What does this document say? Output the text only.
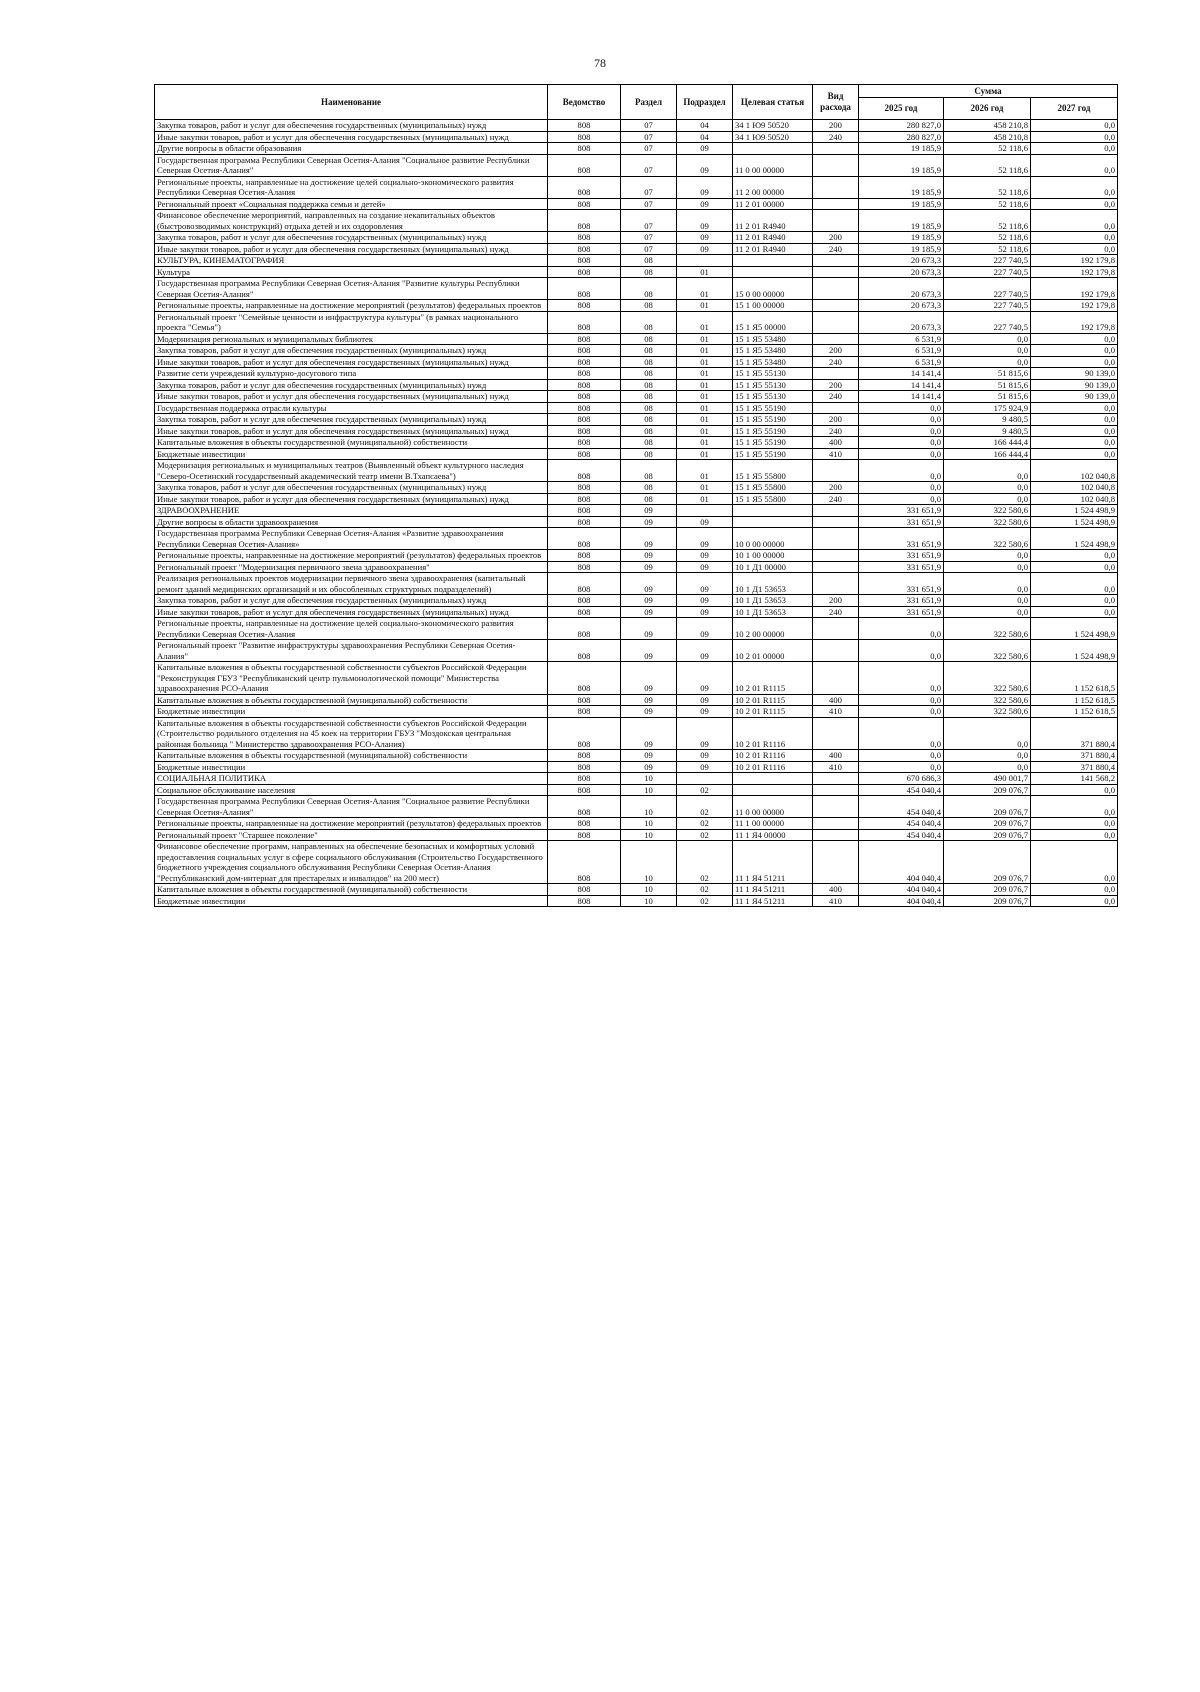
78
Наименование	Ведомство	Раздел	Подраздел	Целевая статья	Вид расхода	Сумма		
						2025 год	2026 год	2027 год
Закупка товаров, работ и услуг для обеспечения государственных (муниципальных) нужд	808	07	04	34 1 Ю9 50520	200	280 827,0	458 210,8	0,0
Иные закупки товаров, работ и услуг для обеспечения государственных (муниципальных) нужд	808	07	04	34 1 Ю9 50520	240	280 827,0	458 210,8	0,0
Другие вопросы в области образования	808	07	09			19 185,9	52 118,6	0,0
Государственная программа Республики Северная Осетия-Алания "Социальное развитие Республики Северная Осетия-Алания"	808	07	09	11 0 00 00000		19 185,9	52 118,6	0,0
Региональные проекты, направленные на достижение целей социально-экономического развития Республики Северная Осетия-Алания	808	07	09	11 2 00 00000		19 185,9	52 118,6	0,0
Региональный проект «Социальная поддержка семьи и детей»	808	07	09	11 2 01 00000		19 185,9	52 118,6	0,0
Финансовое обеспечение мероприятий, направленных на создание некапитальных объектов (быстровозводимых конструкций) отдыха детей и их оздоровления	808	07	09	11 2 01 R4940		19 185,9	52 118,6	0,0
Закупка товаров, работ и услуг для обеспечения государственных (муниципальных) нужд	808	07	09	11 2 01 R4940	200	19 185,9	52 118,6	0,0
Иные закупки товаров, работ и услуг для обеспечения государственных (муниципальных) нужд	808	07	09	11 2 01 R4940	240	19 185,9	52 118,6	0,0
КУЛЬТУРА, КИНЕМАТОГРАФИЯ	808	08				20 673,3	227 740,5	192 179,8
Культура	808	08	01			20 673,3	227 740,5	192 179,8
Государственная программа Республики Северная Осетия-Алания "Развитие культуры Республики Северная Осетия-Алания"	808	08	01	15 0 00 00000		20 673,3	227 740,5	192 179,8
Региональные проекты, направленные на достижение мероприятий (результатов) федеральных проектов	808	08	01	15 1 00 00000		20 673,3	227 740,5	192 179,8
Региональный проект "Семейные ценности и инфраструктура культуры" (в рамках национального проекта "Семья")	808	08	01	15 1 Я5 00000		20 673,3	227 740,5	192 179,8
Модернизация региональных и муниципальных библиотек	808	08	01	15 1 Я5 53480		6 531,9	0,0	0,0
Закупка товаров, работ и услуг для обеспечения государственных (муниципальных) нужд	808	08	01	15 1 Я5 53480	200	6 531,9	0,0	0,0
Иные закупки товаров, работ и услуг для обеспечения государственных (муниципальных) нужд	808	08	01	15 1 Я5 53480	240	6 531,9	0,0	0,0
Развитие сети учреждений культурно-досугового типа	808	08	01	15 1 Я5 55130		14 141,4	51 815,6	90 139,0
Закупка товаров, работ и услуг для обеспечения государственных (муниципальных) нужд	808	08	01	15 1 Я5 55130	200	14 141,4	51 815,6	90 139,0
Иные закупки товаров, работ и услуг для обеспечения государственных (муниципальных) нужд	808	08	01	15 1 Я5 55130	240	14 141,4	51 815,6	90 139,0
Государственная поддержка отрасли культуры	808	08	01	15 1 Я5 55190		0,0	175 924,9	0,0
Закупка товаров, работ и услуг для обеспечения государственных (муниципальных) нужд	808	08	01	15 1 Я5 55190	200	0,0	9 480,5	0,0
Иные закупки товаров, работ и услуг для обеспечения государственных (муниципальных) нужд	808	08	01	15 1 Я5 55190	240	0,0	9 480,5	0,0
Капитальные вложения в объекты государственной (муниципальной) собственности	808	08	01	15 1 Я5 55190	400	0,0	166 444,4	0,0
Бюджетные инвестиции	808	08	01	15 1 Я5 55190	410	0,0	166 444,4	0,0
Модернизация региональных и муниципальных театров (Выявленный объект культурного наследия "Северо-Осетинский государственный академический театр имени В.Тхапсаева")	808	08	01	15 1 Я5 55800		0,0	0,0	102 040,8
Закупка товаров, работ и услуг для обеспечения государственных (муниципальных) нужд	808	08	01	15 1 Я5 55800	200	0,0	0,0	102 040,8
Иные закупки товаров, работ и услуг для обеспечения государственных (муниципальных) нужд	808	08	01	15 1 Я5 55800	240	0,0	0,0	102 040,8
ЗДРАВООХРАНЕНИЕ	808	09				331 651,9	322 580,6	1 524 498,9
Другие вопросы в области здравоохранения	808	09	09			331 651,9	322 580,6	1 524 498,9
Государственная программа Республики Северная Осетия-Алания «Развитие здравоохранения Республики Северная Осетия-Алания»	808	09	09	10 0 00 00000		331 651,9	322 580,6	1 524 498,9
Региональные проекты, направленные на достижение мероприятий (результатов) федеральных проектов	808	09	09	10 1 00 00000		331 651,9	0,0	0,0
Региональный проект "Модернизация первичного звена здравоохранения"	808	09	09	10 1 Д1 00000		331 651,9	0,0	0,0
Реализация региональных проектов модернизации первичного звена здравоохранения (капитальный ремонт зданий медицинских организаций и их обособленных структурных подразделений)	808	09	09	10 1 Д1 53653		331 651,9	0,0	0,0
Закупка товаров, работ и услуг для обеспечения государственных (муниципальных) нужд	808	09	09	10 1 Д1 53653	200	331 651,9	0,0	0,0
Иные закупки товаров, работ и услуг для обеспечения государственных (муниципальных) нужд	808	09	09	10 1 Д1 53653	240	331 651,9	0,0	0,0
Региональные проекты, направленные на достижение целей социально-экономического развития Республики Северная Осетия-Алания	808	09	09	10 2 00 00000		0,0	322 580,6	1 524 498,9
Региональный проект "Развитие инфраструктуры здравоохранения Республики Северная Осетия-Алания"	808	09	09	10 2 01 00000		0,0	322 580,6	1 524 498,9
Капитальные вложения в объекты государственной собственности субъектов Российской Федерации "Реконструкция ГБУЗ "Республиканский центр пульмонологической помощи" Министерства здравоохранения РСО-Алания	808	09	09	10 2 01 R1115		0,0	322 580,6	1 152 618,5
Капитальные вложения в объекты государственной (муниципальной) собственности	808	09	09	10 2 01 R1115	400	0,0	322 580,6	1 152 618,5
Бюджетные инвестиции	808	09	09	10 2 01 R1115	410	0,0	322 580,6	1 152 618,5
Капитальные вложения в объекты государственной собственности субъектов Российской Федерации (Строительство родильного отделения на 45 коек на территории ГБУЗ "Моздокская центральная районная больница " Министерство здравоохранения РСО-Алания)	808	09	09	10 2 01 R1116		0,0	0,0	371 880,4
Капитальные вложения в объекты государственной (муниципальной) собственности	808	09	09	10 2 01 R1116	400	0,0	0,0	371 880,4
Бюджетные инвестиции	808	09	09	10 2 01 R1116	410	0,0	0,0	371 880,4
СОЦИАЛЬНАЯ ПОЛИТИКА	808	10				670 686,3	490 001,7	141 568,2
Социальное обслуживание населения	808	10	02			454 040,4	209 076,7	0,0
Государственная программа Республики Северная Осетия-Алания "Социальное развитие Республики Северная Осетия-Алания"	808	10	02	11 0 00 00000		454 040,4	209 076,7	0,0
Региональные проекты, направленные на достижение мероприятий (результатов) федеральных проектов	808	10	02	11 1 00 00000		454 040,4	209 076,7	0,0
Региональный проект "Старшее поколение"	808	10	02	11 1 Я4 00000		454 040,4	209 076,7	0,0
Финансовое обеспечение программ, направленных на обеспечение безопасных и комфортных условий предоставления социальных услуг в сфере социального обслуживания (Строительство Государственного бюджетного учреждения социального обслуживания Республики Северная Осетия-Алания "Республиканский дом-интернат для престарелых и инвалидов" на 200 мест)	808	10	02	11 1 Я4 51211		404 040,4	209 076,7	0,0
Капитальные вложения в объекты государственной (муниципальной) собственности	808	10	02	11 1 Я4 51211	400	404 040,4	209 076,7	0,0
Бюджетные инвестиции	808	10	02	11 1 Я4 51211	410	404 040,4	209 076,7	0,0
